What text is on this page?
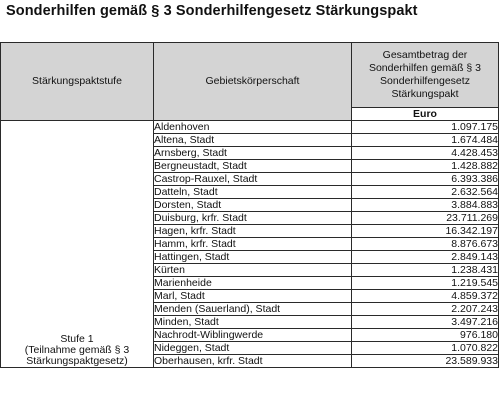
Sonderhilfen gemäß § 3 Sonderhilfengesetz Stärkungspakt
Stärkungspaktstufe	Gebietskörperschaft	Gesamtbetrag der
Sonderhilfen gemäß § 3
Sonderhilfengesetz
Stärkungspakt

		Euro

Stufe 1
(Teilnahme gemäß § 3
Stärkungspaktgesetz)	Aldenhoven	1.097.175
	Altena, Stadt	1.674.484
	Arnsberg, Stadt	4.428.453
	Bergneustadt, Stadt	1.428.882
	Castrop-Rauxel, Stadt	6.393.386
	Datteln, Stadt	2.632.564
	Dorsten, Stadt	3.884.883
	Duisburg, krfr. Stadt	23.711.269
	Hagen, krfr. Stadt	16.342.197
	Hamm, krfr. Stadt	8.876.673
	Hattingen, Stadt	2.849.143
	Kürten	1.238.431
	Marienheide	1.219.545
	Marl, Stadt	4.859.372
	Menden (Sauerland), Stadt	2.207.243
	Minden, Stadt	3.497.216
	Nachrodt-Wiblingwerde	976.180
	Nideggen, Stadt	1.070.822
	Oberhausen, krfr. Stadt	23.589.933
